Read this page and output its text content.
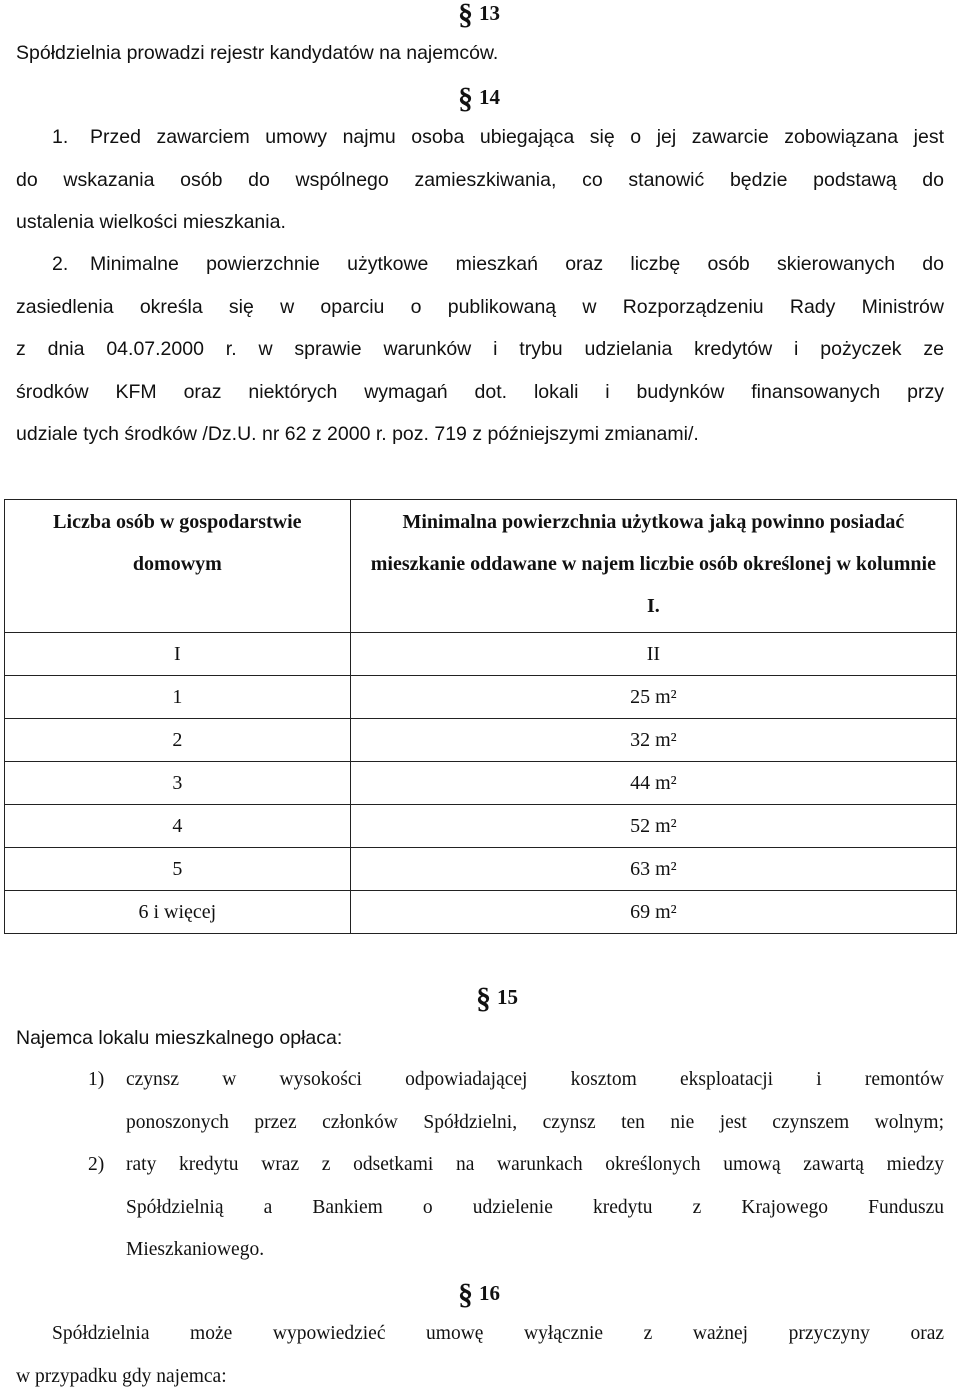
§ 13
Spółdzielnia prowadzi rejestr kandydatów na najemców.
§ 14
1. Przed zawarciem umowy najmu osoba ubiegająca się o jej zawarcie zobowiązana jest
do wskazania osób do wspólnego zamieszkiwania, co stanowić będzie podstawą do
ustalenia wielkości mieszkania.
2. Minimalne powierzchnie użytkowe mieszkań oraz liczbę osób skierowanych do
zasiedlenia określa się w oparciu o publikowaną w Rozporządzeniu Rady Ministrów
z dnia 04.07.2000 r. w sprawie warunków i trybu udzielania kredytów i pożyczek ze
środków KFM oraz niektórych wymagań dot. lokali i budynków finansowanych przy
udziale tych środków /Dz.U. nr 62 z 2000 r. poz. 719 z późniejszymi zmianami/.
Liczba osób w gospodarstwie domowym	Minimalna powierzchnia użytkowa jaką powinno posiadać mieszkanie oddawane w najem liczbie osób określonej w kolumnie I.

I	II
1	25 m²
2	32 m²
3	44 m²
4	52 m²
5	63 m²
6 i więcej	69 m²
§ 15
Najemca lokalu mieszkalnego opłaca:
1)	czynsz w wysokości odpowiadającej kosztom eksploatacji i remontów
ponoszonych przez członków Spółdzielni, czynsz ten nie jest czynszem wolnym;
2)	raty kredytu wraz z odsetkami na warunkach określonych umową zawartą miedzy
Spółdzielnią a Bankiem o udzielenie kredytu z Krajowego Funduszu
Mieszkaniowego.
§ 16
Spółdzielnia może wypowiedzieć umowę wyłącznie z ważnej przyczyny oraz
w przypadku gdy najemca:
